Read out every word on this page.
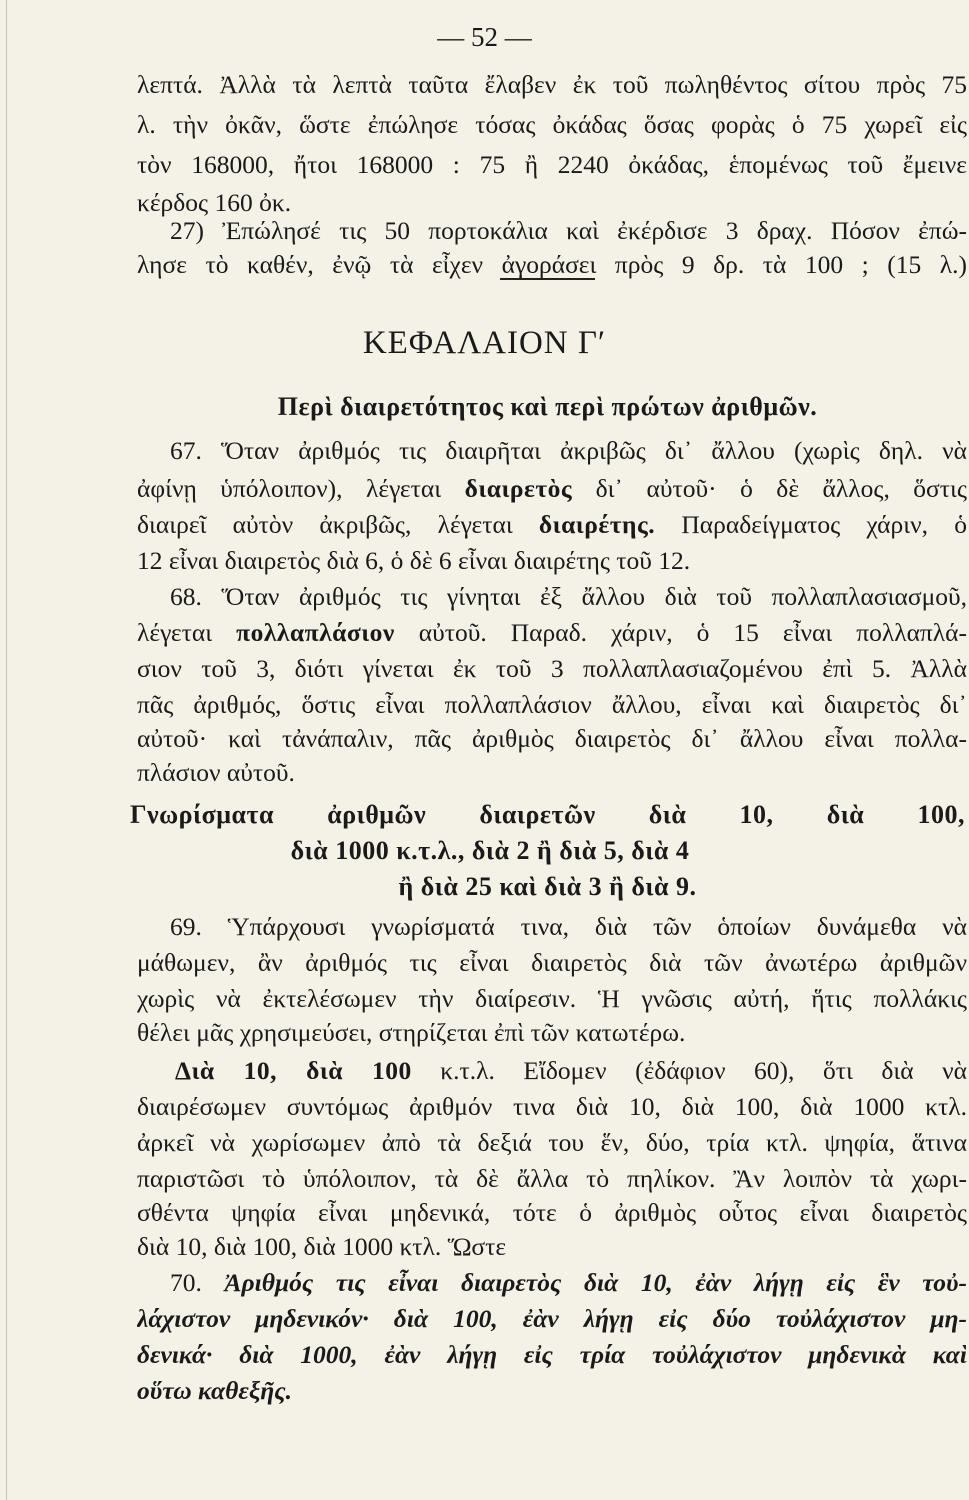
— 52 —
λεπτά. Ἀλλὰ τὰ λεπτὰ ταῦτα ἔλαβεν ἐκ τοῦ πωληθέντος σίτου πρὸς 75
λ. τὴν ὀκᾶν, ὥστε ἐπώλησε τόσας ὀκάδας ὅσας φορὰς ὁ 75 χωρεῖ εἰς
τὸν 168000, ἤτοι 168000 : 75 ἢ 2240 ὀκάδας, ἑπομένως τοῦ ἔμεινε
κέρδος 160 ὀκ.
27) Ἐπώλησέ τις 50 πορτοκάλια καὶ ἐκέρδισε 3 δραχ. Πόσον ἐπώ-
λησε τὸ καθέν, ἐνῷ τὰ εἶχεν ἀγοράσει πρὸς 9 δρ. τὰ 100 ; (15 λ.)
ΚΕΦΑΛΑΙΟΝ Γ′
Περὶ διαιρετότητος καὶ περὶ πρώτων ἀριθμῶν.
67. Ὅταν ἀριθμός τις διαιρῆται ἀκριβῶς δι᾽ ἄλλου (χωρὶς δηλ. νὰ
ἀφίνῃ ὑπόλοιπον), λέγεται διαιρετὸς δι᾽ αὐτοῦ· ὁ δὲ ἄλλος, ὅστις
διαιρεῖ αὐτὸν ἀκριβῶς, λέγεται διαιρέτης. Παραδείγματος χάριν, ὁ
12 εἶναι διαιρετὸς διὰ 6, ὁ δὲ 6 εἶναι διαιρέτης τοῦ 12.
68. Ὅταν ἀριθμός τις γίνηται ἐξ ἄλλου διὰ τοῦ πολλαπλασιασμοῦ,
λέγεται πολλαπλάσιον αὐτοῦ. Παραδ. χάριν, ὁ 15 εἶναι πολλαπλά-
σιον τοῦ 3, διότι γίνεται ἐκ τοῦ 3 πολλαπλασιαζομένου ἐπὶ 5. Ἀλλὰ
πᾶς ἀριθμός, ὅστις εἶναι πολλαπλάσιον ἄλλου, εἶναι καὶ διαιρετὸς δι᾽
αὐτοῦ· καὶ τἀνάπαλιν, πᾶς ἀριθμὸς διαιρετὸς δι᾽ ἄλλου εἶναι πολλα-
πλάσιον αὐτοῦ.
Γνωρίσματα ἀριθμῶν διαιρετῶν διὰ 10, διὰ 100,
διὰ 1000 κ.τ.λ., διὰ 2 ἢ διὰ 5, διὰ 4
ἢ διὰ 25 καὶ διὰ 3 ἢ διὰ 9.
69. Ὑπάρχουσι γνωρίσματά τινα, διὰ τῶν ὁποίων δυνάμεθα νὰ
μάθωμεν, ἂν ἀριθμός τις εἶναι διαιρετὸς διὰ τῶν ἀνωτέρω ἀριθμῶν
χωρὶς νὰ ἐκτελέσωμεν τὴν διαίρεσιν. Ἡ γνῶσις αὐτή, ἥτις πολλάκις
θέλει μᾶς χρησιμεύσει, στηρίζεται ἐπὶ τῶν κατωτέρω.
Διὰ 10, διὰ 100 κ.τ.λ. Εἴδομεν (ἐδάφιον 60), ὅτι διὰ νὰ
διαιρέσωμεν συντόμως ἀριθμόν τινα διὰ 10, διὰ 100, διὰ 1000 κτλ.
ἀρκεῖ νὰ χωρίσωμεν ἀπὸ τὰ δεξιά του ἕν, δύο, τρία κτλ. ψηφία, ἅτινα
παριστῶσι τὸ ὑπόλοιπον, τὰ δὲ ἄλλα τὸ πηλίκον. Ἂν λοιπὸν τὰ χωρι-
σθέντα ψηφία εἶναι μηδενικά, τότε ὁ ἀριθμὸς οὗτος εἶναι διαιρετὸς
διὰ 10, διὰ 100, διὰ 1000 κτλ. Ὥστε
70. Ἀριθμός τις εἶναι διαιρετὸς διὰ 10, ἐὰν λήγῃ εἰς ἓν τοὐ-
λάχιστον μηδενικόν· διὰ 100, ἐὰν λήγῃ εἰς δύο τοὐλάχιστον μη-
δενικά· διὰ 1000, ἐὰν λήγῃ εἰς τρία τοὐλάχιστον μηδενικὰ καὶ
οὕτω καθεξῆς.
